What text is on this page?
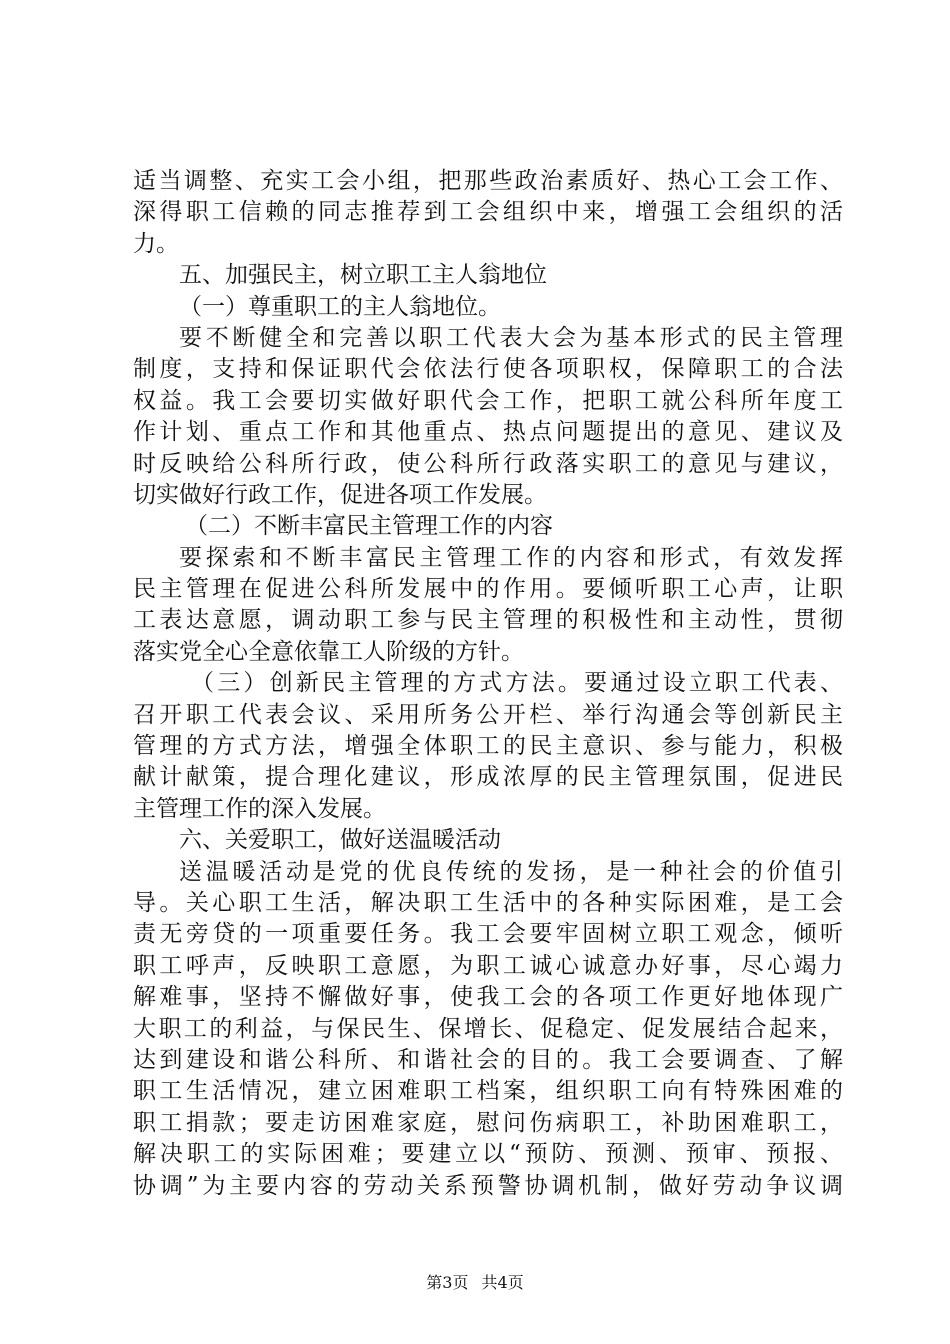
适当调整、充实工会小组，把那些政治素质好、热心工会工作、
深得职工信赖的同志推荐到工会组织中来，增强工会组织的活
力。
五、加强民主，树立职工主人翁地位
（一）尊重职工的主人翁地位。
要不断健全和完善以职工代表大会为基本形式的民主管理
制度，支持和保证职代会依法行使各项职权，保障职工的合法
权益。我工会要切实做好职代会工作，把职工就公科所年度工
作计划、重点工作和其他重点、热点问题提出的意见、建议及
时反映给公科所行政，使公科所行政落实职工的意见与建议，
切实做好行政工作，促进各项工作发展。
（二）不断丰富民主管理工作的内容
要探索和不断丰富民主管理工作的内容和形式，有效发挥
民主管理在促进公科所发展中的作用。要倾听职工心声，让职
工表达意愿，调动职工参与民主管理的积极性和主动性，贯彻
落实党全心全意依靠工人阶级的方针。
（三）创新民主管理的方式方法。要通过设立职工代表、
召开职工代表会议、采用所务公开栏、举行沟通会等创新民主
管理的方式方法，增强全体职工的民主意识、参与能力，积极
献计献策，提合理化建议，形成浓厚的民主管理氛围，促进民
主管理工作的深入发展。
六、关爱职工，做好送温暖活动
送温暖活动是党的优良传统的发扬，是一种社会的价值引
导。关心职工生活，解决职工生活中的各种实际困难，是工会
责无旁贷的一项重要任务。我工会要牢固树立职工观念，倾听
职工呼声，反映职工意愿，为职工诚心诚意办好事，尽心竭力
解难事，坚持不懈做好事，使我工会的各项工作更好地体现广
大职工的利益，与保民生、保增长、促稳定、促发展结合起来，
达到建设和谐公科所、和谐社会的目的。我工会要调查、了解
职工生活情况，建立困难职工档案，组织职工向有特殊困难的
职工捐款；要走访困难家庭，慰问伤病职工，补助困难职工，
解决职工的实际困难；要建立以“预防、预测、预审、预报、
协调”为主要内容的劳动关系预警协调机制，做好劳动争议调
第3页 共4页
